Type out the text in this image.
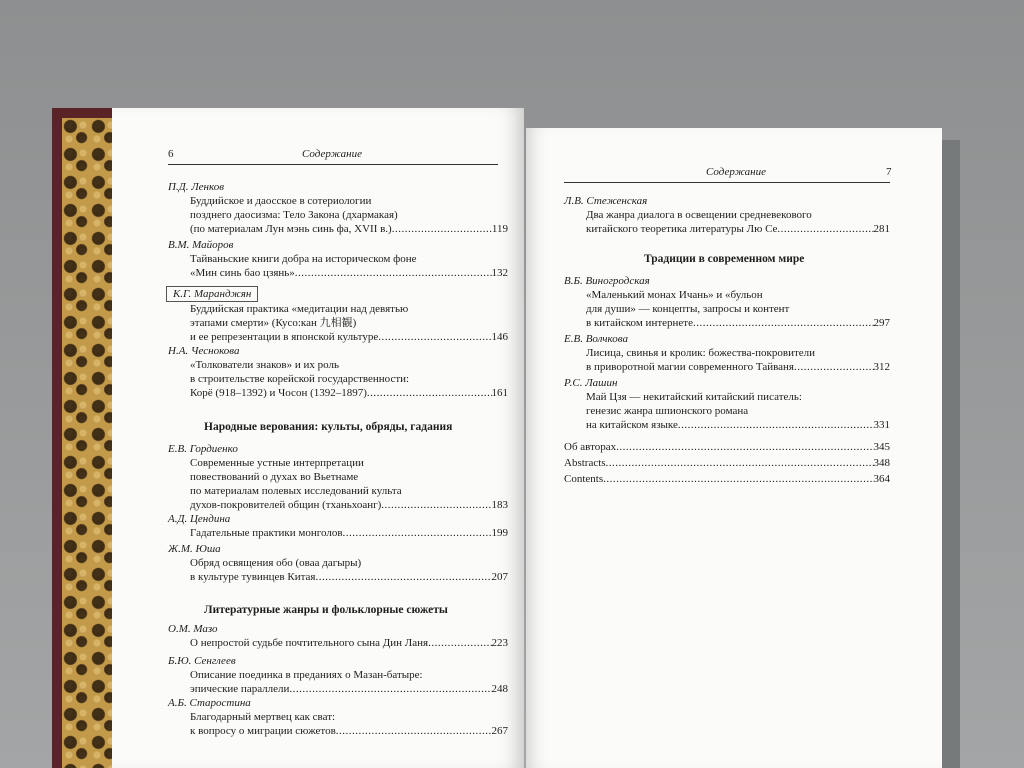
6	Содержание
П.Д. Ленков
Буддийское и даосское в сотериологии
позднего даосизма: Тело Закона (дхармакая)
(по материалам Лун мэнь синь фа, XVII в.) .....	119
В.М. Майоров
Тайваньские книги добра на историческом фоне
«Мин синь бао цзянь» .....	132
К.Г. Маранджян
Буддийская практика «медитации над девятью
этапами смерти» (Кусо:кан 九相観)
и ее репрезентации в японской культуре .....	146
Н.А. Чеснокова
«Толкователи знаков» и их роль
в строительстве корейской государственности:
Корё (918–1392) и Чосон (1392–1897) .....	161
Народные верования: культы, обряды, гадания
Е.В. Гордиенко
Современные устные интерпретации
повествований о духах во Вьетнаме
по материалам полевых исследований культа
духов-покровителей общин (тханьхоанг) .....	183
А.Д. Цендина
Гадательные практики монголов .....	199
Ж.М. Юша
Обряд освящения обо (оваа дагыры)
в культуре тувинцев Китая .....	207
Литературные жанры и фольклорные сюжеты
О.М. Мазо
О непростой судьбе почтительного сына Дин Ланя .....	223
Б.Ю. Сенглеев
Описание поединка в преданиях о Мазан-батыре:
эпические параллели .....	248
А.Б. Старостина
Благодарный мертвец как сват:
к вопросу о миграции сюжетов .....	267
Содержание	7
Л.В. Стеженская
Два жанра диалога в освещении средневекового
китайского теоретика литературы Лю Се .....	281
Традиции в современном мире
В.Б. Виногродская
«Маленький монах Ичань» и «бульон
для души» — концепты, запросы и контент
в китайском интернете .....	297
Е.В. Волчкова
Лисица, свинья и кролик: божества-покровители
в приворотной магии современного Тайваня .....	312
Р.С. Лашин
Май Цзя — некитайский китайский писатель:
генезис жанра шпионского романа
на китайском языке .....	331
Об авторах .....	345
Abstracts .....	348
Contents .....	364
